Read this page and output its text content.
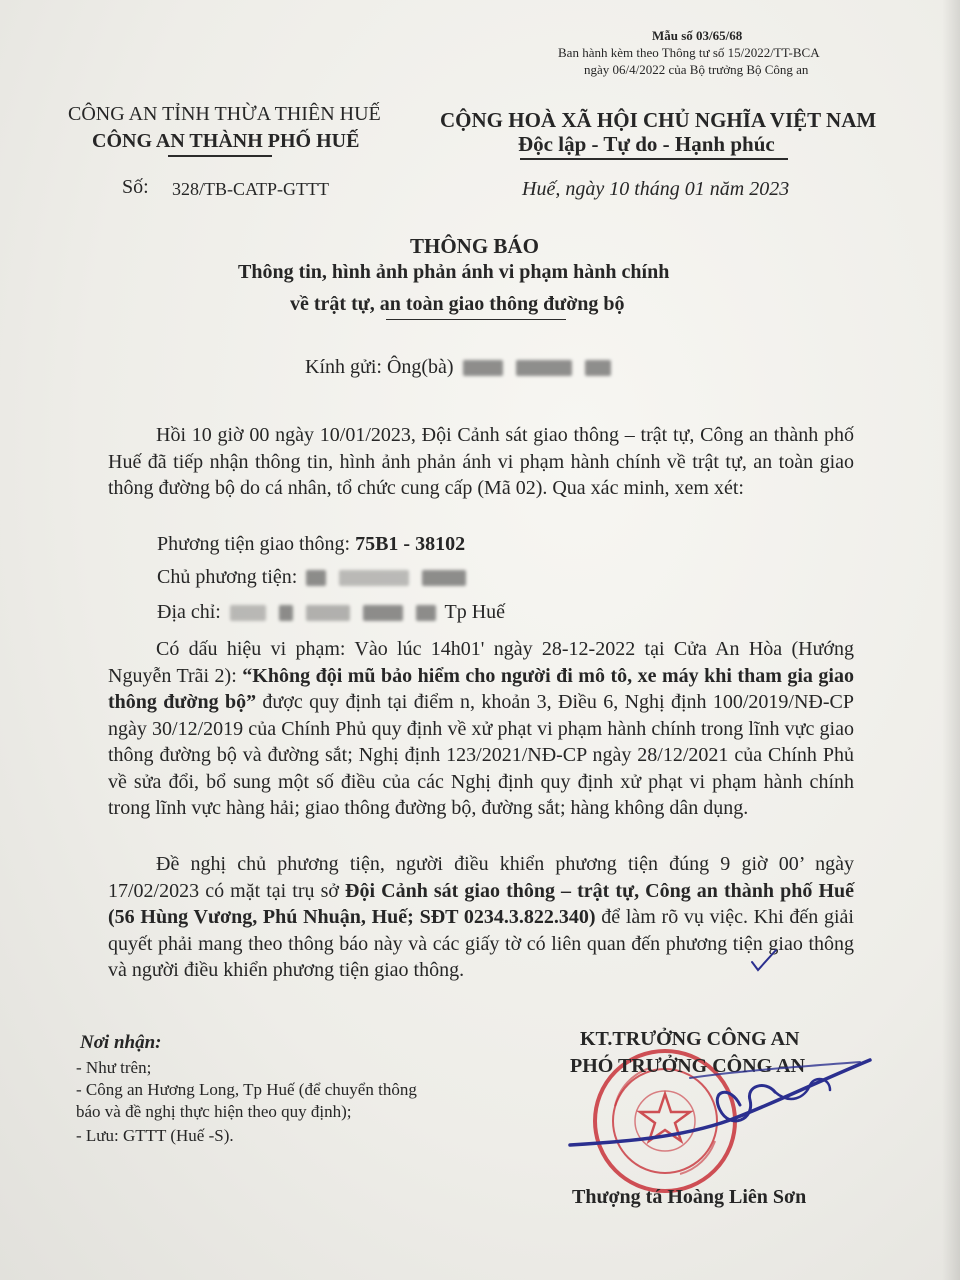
Mẫu số 03/65/68
Ban hành kèm theo Thông tư số 15/2022/TT-BCA
ngày 06/4/2022 của Bộ trưởng Bộ Công an
CÔNG AN TỈNH THỪA THIÊN HUẾ
CÔNG AN THÀNH PHỐ HUẾ
Số: 328/TB-CATP-GTTT
CỘNG HOÀ XÃ HỘI CHỦ NGHĨA VIỆT NAM
Độc lập - Tự do - Hạnh phúc
Huế, ngày 10 tháng 01 năm 2023
THÔNG BÁO
Thông tin, hình ảnh phản ánh vi phạm hành chính
về trật tự, an toàn giao thông đường bộ
Kính gửi: Ông(bà)

Hồi 10 giờ 00 ngày 10/01/2023, Đội Cảnh sát giao thông – trật tự, Công an thành phố Huế đã tiếp nhận thông tin, hình ảnh phản ánh vi phạm hành chính về trật tự, an toàn giao thông đường bộ do cá nhân, tổ chức cung cấp (Mã 02). Qua xác minh, xem xét:

Phương tiện giao thông: 75B1 - 38102
Chủ phương tiện:
Địa chỉ:	Tp Huế

Có dấu hiệu vi phạm: Vào lúc 14h01' ngày 28-12-2022 tại Cửa An Hòa (Hướng Nguyễn Trãi 2): “Không đội mũ bảo hiểm cho người đi mô tô, xe máy khi tham gia giao thông đường bộ” được quy định tại điểm n, khoản 3, Điều 6, Nghị định 100/2019/NĐ-CP ngày 30/12/2019 của Chính Phủ quy định về xử phạt vi phạm hành chính trong lĩnh vực giao thông đường bộ và đường sắt; Nghị định 123/2021/NĐ-CP ngày 28/12/2021 của Chính Phủ về sửa đổi, bổ sung một số điều của các Nghị định quy định xử phạt vi phạm hành chính trong lĩnh vực hàng hải; giao thông đường bộ, đường sắt; hàng không dân dụng.

Đề nghị chủ phương tiện, người điều khiển phương tiện đúng 9 giờ 00’ ngày 17/02/2023 có mặt tại trụ sở Đội Cảnh sát giao thông – trật tự, Công an thành phố Huế (56 Hùng Vương, Phú Nhuận, Huế; SĐT 0234.3.822.340) để làm rõ vụ việc. Khi đến giải quyết phải mang theo thông báo này và các giấy tờ có liên quan đến phương tiện giao thông và người điều khiển phương tiện giao thông.

Nơi nhận:
- Như trên;
- Công an Hương Long, Tp Huế (để chuyển thông
báo và đề nghị thực hiện theo quy định);
- Lưu: GTTT (Huế -S).
KT.TRƯỞNG CÔNG AN
PHÓ TRƯỞNG CÔNG AN
Thượng tá Hoàng Liên Sơn
